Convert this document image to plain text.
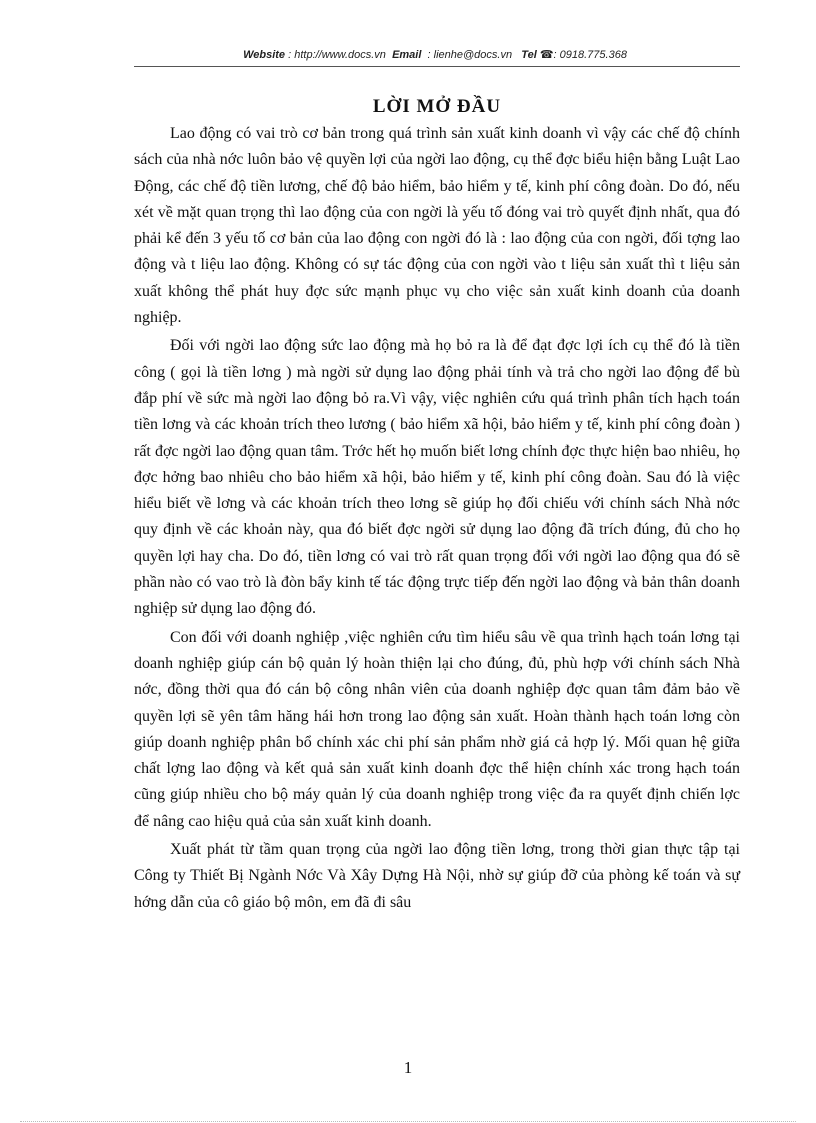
Website : http://www.docs.vn Email  : lienhe@docs.vn Tel ☎: 0918.775.368
LỜI MỞ ĐẦU

Lao động có vai trò cơ bản trong quá trình sản xuất kinh doanh vì vậy các chế độ chính sách của nhà nớc luôn bảo vệ quyền lợi của ngời lao động, cụ thể đợc biểu hiện bằng Luật Lao Động, các chế độ tiền lương, chế độ bảo hiểm, bảo hiểm y tế, kinh phí công đoàn. Do đó, nếu xét về mặt quan trọng thì lao động của con ngời là yếu tố đóng vai trò quyết định nhất, qua đó phải kể đến 3 yếu tố cơ bản của lao động con ngời đó là : lao động của con ngời, đối tợng lao động và t liệu lao động. Không có sự tác động của con ngời vào t liệu sản xuất thì t liệu sản xuất không thể phát huy đợc sức mạnh phục vụ cho việc sản xuất kinh doanh của doanh nghiệp.

Đối với ngời lao động sức lao động mà họ bỏ ra là để đạt đợc lợi ích cụ thể đó là tiền công ( gọi là tiền lơng ) mà ngời sử dụng lao động phải tính và trả cho ngời lao động để bù đắp phí về sức mà ngời lao động bỏ ra.Vì vậy, việc nghiên cứu quá trình phân tích hạch toán tiền lơng và các khoản trích theo lương ( bảo hiểm xã hội, bảo hiểm y tế, kinh phí công đoàn ) rất đợc ngời lao động quan tâm. Trớc hết họ muốn biết lơng chính đợc thực hiện bao nhiêu, họ đợc hởng bao nhiêu cho bảo hiểm xã hội, bảo hiểm y tế, kinh phí công đoàn. Sau đó là việc hiểu biết về lơng và các khoản trích theo lơng sẽ giúp họ đối chiếu với chính sách Nhà nớc quy định về các khoản này, qua đó biết đợc ngời sử dụng lao động đã trích đúng, đủ cho họ quyền lợi hay cha. Do đó, tiền lơng có vai trò rất quan trọng đối với ngời lao động qua đó sẽ phần nào có vao trò là đòn bẩy kinh tế tác động trực tiếp đến ngời lao động và bản thân doanh nghiệp sử dụng lao động đó.

Con đối với doanh nghiệp ,việc nghiên cứu tìm hiểu sâu về qua trình hạch toán lơng tại doanh nghiệp giúp cán bộ quản lý hoàn thiện lại cho đúng, đủ, phù hợp với chính sách Nhà nớc, đồng thời qua đó cán bộ công nhân viên của doanh nghiệp đợc quan tâm đảm bảo về quyền lợi sẽ yên tâm hăng hái hơn trong lao động sản xuất. Hoàn thành hạch toán lơng còn giúp doanh nghiệp phân bổ chính xác chi phí sản phẩm nhờ giá cả hợp lý. Mối quan hệ giữa chất lợng lao động và kết quả sản xuất kinh doanh đợc thể hiện chính xác trong hạch toán cũng giúp nhiều cho bộ máy quản lý của doanh nghiệp trong việc đa ra quyết định chiến lợc để nâng cao hiệu quả của sản xuất kinh doanh.

Xuất phát từ tầm quan trọng của ngời lao động tiền lơng, trong thời gian thực tập tại Công ty Thiết Bị Ngành Nớc Và Xây Dựng Hà Nội, nhờ sự giúp đỡ của phòng kế toán và sự hớng dẫn của cô giáo bộ môn, em đã đi sâu

1
